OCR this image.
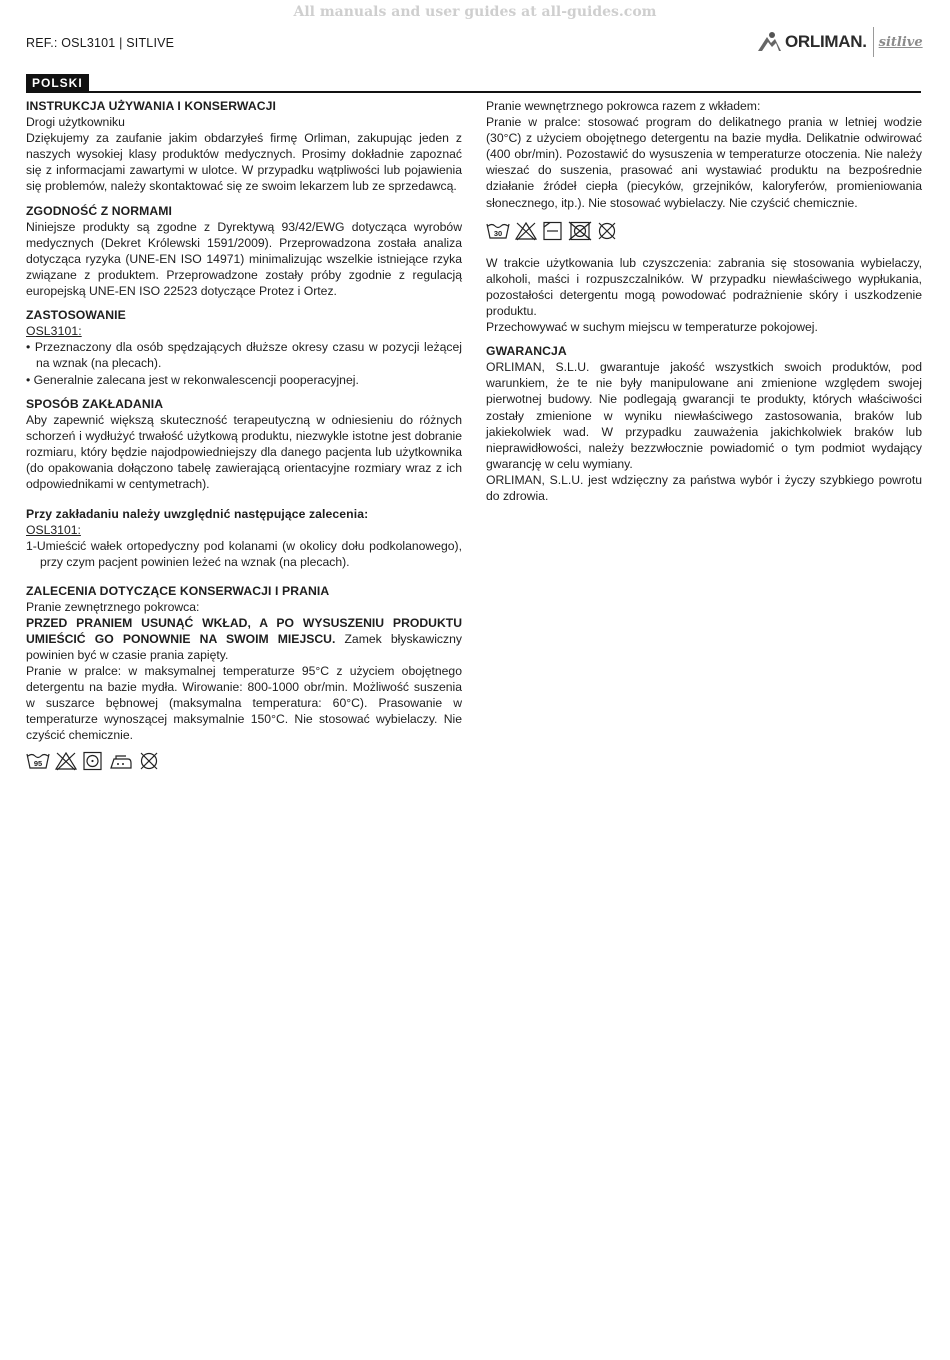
All manuals and user guides at all-guides.com
REF.: OSL3101 | SITLIVE	ORLIMAN. sitlive
POLSKI

INSTRUKCJA UŻYWANIA I KONSERWACJI

Drogi użytkowniku

Dziękujemy za zaufanie jakim obdarzyłeś firmę Orliman, zakupując jeden z naszych wysokiej klasy produktów medycznych. Prosimy dokładnie zapoznać się z informacjami zawartymi w ulotce. W przypadku wątpliwości lub pojawienia się problemów, należy skontaktować się ze swoim lekarzem lub ze sprzedawcą.

ZGODNOŚĆ Z NORMAMI

Niniejsze produkty są zgodne z Dyrektywą 93/42/EWG dotycząca wyrobów medycznych (Dekret Królewski 1591/2009). Przeprowadzona została analiza dotycząca ryzyka (UNE-EN ISO 14971) minimalizując wszelkie istniejące rzyka związane z produktem. Przeprowadzone zostały próby zgodnie z regulacją europejską UNE-EN ISO 22523 dotyczące Protez i Ortez.

ZASTOSOWANIE

OSL3101:

• Przeznaczony dla osób spędzających dłuższe okresy czasu w pozycji leżącej na wznak (na plecach).

• Generalnie zalecana jest w rekonwalescencji pooperacyjnej.

SPOSÓB ZAKŁADANIA

Aby zapewnić większą skuteczność terapeutyczną w odniesieniu do różnych schorzeń i wydłużyć trwałość użytkową produktu, niezwykle istotne jest dobranie rozmiaru, który będzie najodpowiedniejszy dla danego pacjenta lub użytkownika (do opakowania dołączono tabelę zawierającą orientacyjne rozmiary wraz z ich odpowiednikami w centymetrach).

Przy zakładaniu należy uwzględnić następujące zalecenia:

OSL3101:

1-Umieścić wałek ortopedyczny pod kolanami (w okolicy dołu podkolanowego), przy czym pacjent powinien leżeć na wznak (na plecach).

ZALECENIA DOTYCZĄCE KONSERWACJI I PRANIA

Pranie zewnętrznego pokrowca:

PRZED PRANIEM USUNĄĆ WKŁAD, A PO WYSUSZENIU PRODUKTU UMIEŚCIĆ GO PONOWNIE NA SWOIM MIEJSCU. Zamek błyskawiczny powinien być w czasie prania zapięty.

Pranie w pralce: w maksymalnej temperaturze 95°C z użyciem obojętnego detergentu na bazie mydła. Wirowanie: 800-1000 obr/min. Możliwość suszenia w suszarce bębnowej (maksymalna temperatura: 60°C). Prasowanie w temperaturze wynoszącej maksymalnie 150°C. Nie stosować wybielaczy. Nie czyścić chemicznie.

95

Pranie wewnętrznego pokrowca razem z wkładem:

Pranie w pralce: stosować program do delikatnego prania w letniej wodzie (30°C) z użyciem obojętnego detergentu na bazie mydła. Delikatnie odwirować (400 obr/min). Pozostawić do wysuszenia w temperaturze otoczenia. Nie należy wieszać do suszenia, prasować ani wystawiać produktu na bezpośrednie działanie źródeł ciepła (piecyków, grzejników, kaloryferów, promieniowania słonecznego, itp.). Nie stosować wybielaczy. Nie czyścić chemicznie.

30

W trakcie użytkowania lub czyszczenia: zabrania się stosowania wybielaczy, alkoholi, maści i rozpuszczalników. W przypadku niewłaściwego wypłukania, pozostałości detergentu mogą powodować podrażnienie skóry i uszkodzenie produktu.

Przechowywać w suchym miejscu w temperaturze pokojowej.

GWARANCJA

ORLIMAN, S.L.U. gwarantuje jakość wszystkich swoich produktów, pod warunkiem, że te nie były manipulowane ani zmienione względem swojej pierwotnej budowy. Nie podlegają gwarancji te produkty, których właściwości zostały zmienione w wyniku niewłaściwego zastosowania, braków lub jakiekolwiek wad. W przypadku zauważenia jakichkolwiek braków lub nieprawidłowości, należy bezzwłocznie powiadomić o tym podmiot wydający gwarancję w celu wymiany.

ORLIMAN, S.L.U. jest wdzięczny za państwa wybór i życzy szybkiego powrotu do zdrowia.
